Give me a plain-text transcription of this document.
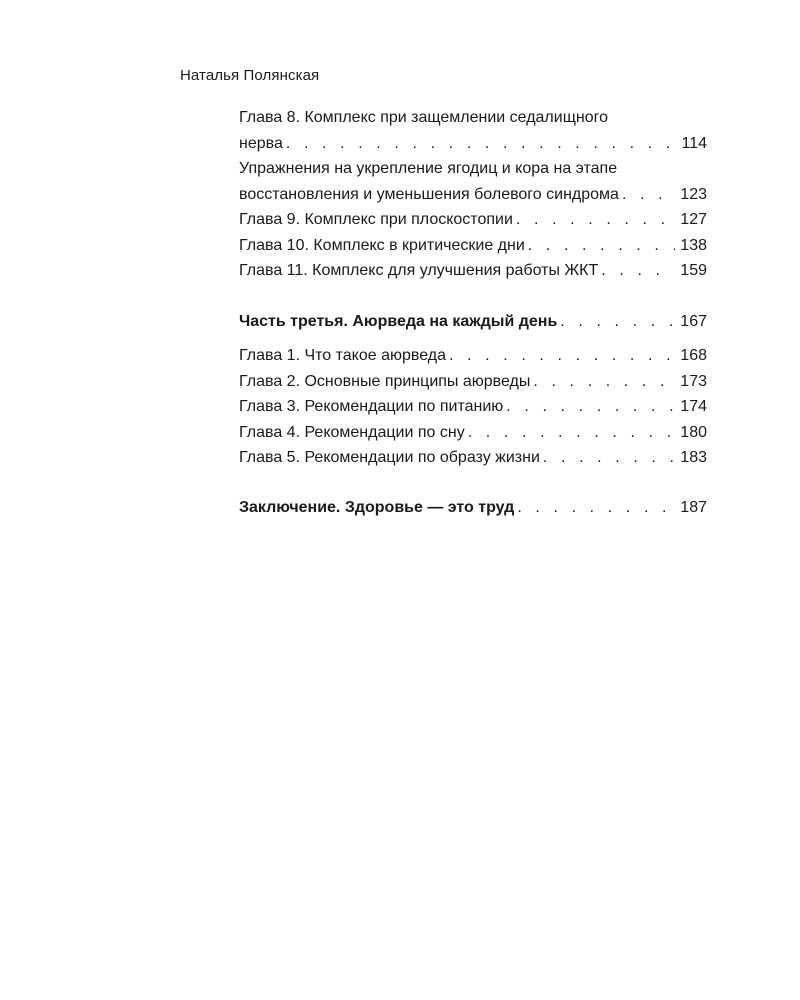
Наталья Полянская
Глава 8. Комплекс при защемлении седалищного
нерва . . .	114
Упражнения на укрепление ягодиц и кора на этапе
восстановления и уменьшения болевого синдрома . . .	123
Глава 9. Комплекс при плоскостопии . . .	127
Глава 10. Комплекс в критические дни . . .	138
Глава 11. Комплекс для улучшения работы ЖКТ . . .	159
Часть третья. Аюрведа на каждый день . . .	167
Глава 1. Что такое аюрведа . . .	168
Глава 2. Основные принципы аюрведы . . .	173
Глава 3. Рекомендации по питанию . . .	174
Глава 4. Рекомендации по сну . . .	180
Глава 5. Рекомендации по образу жизни . . .	183
Заключение. Здоровье — это труд . . .	187
